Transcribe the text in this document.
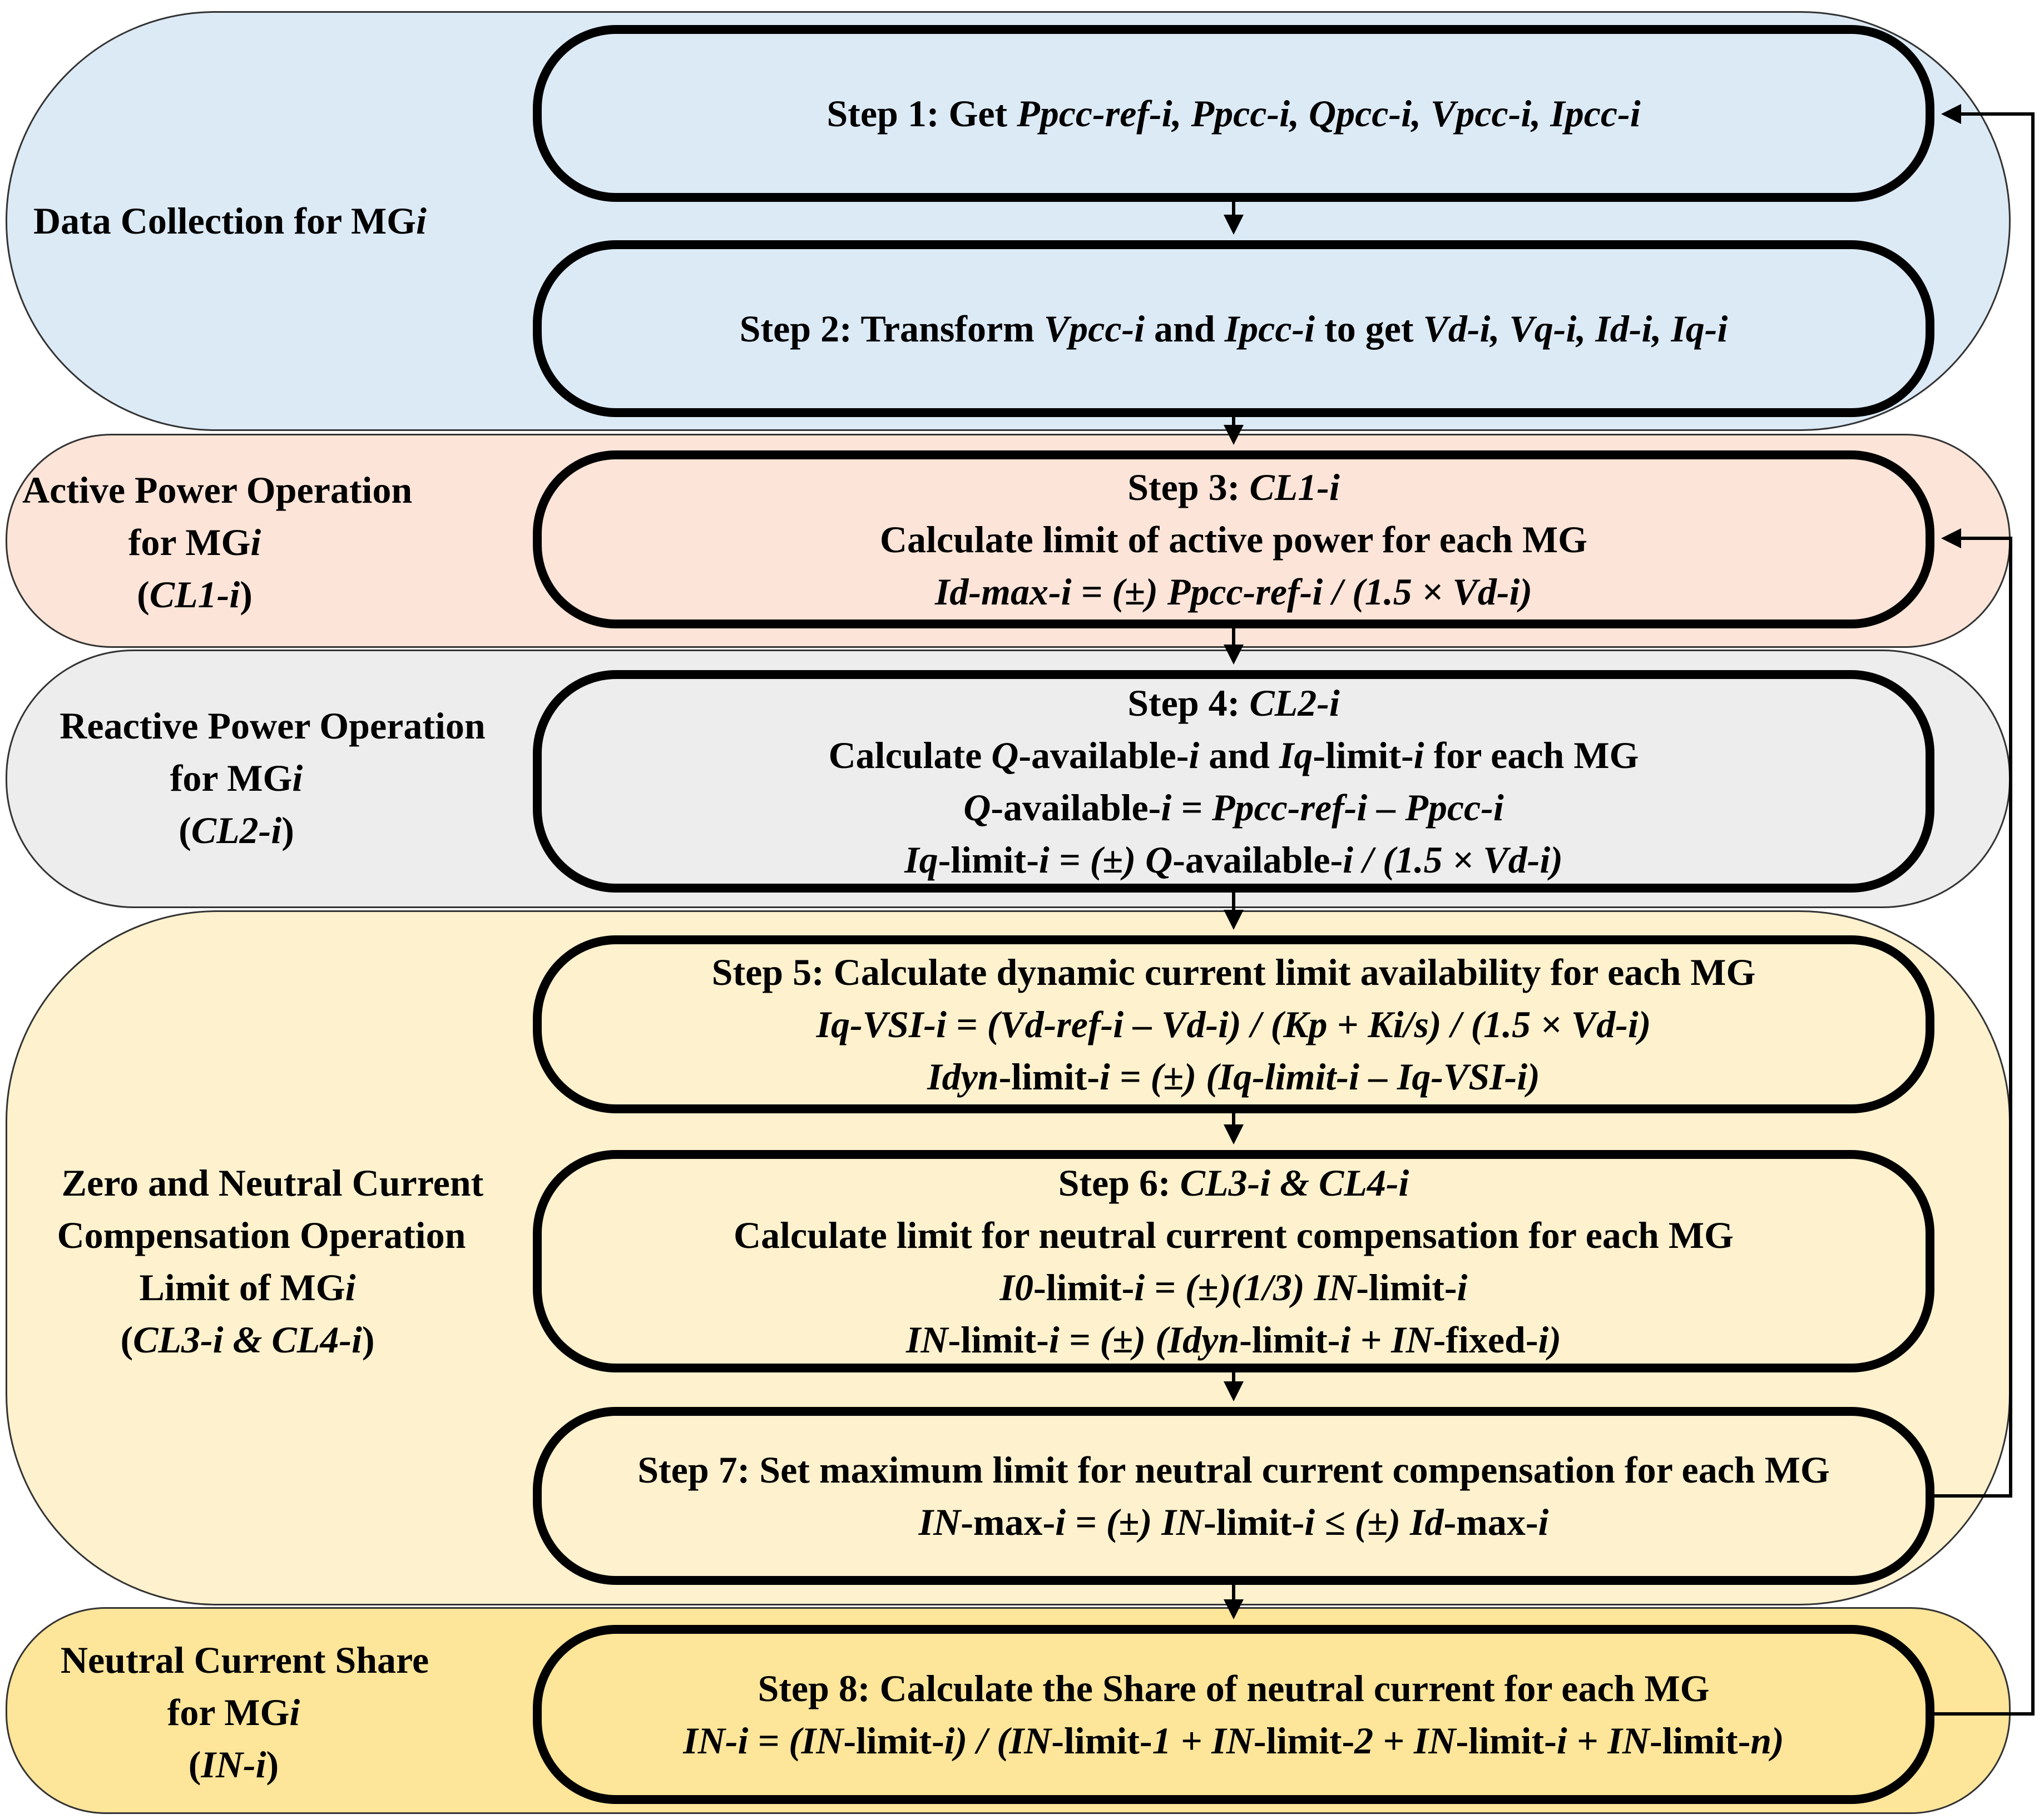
Data Collection for MGi
Active Power Operation
for MGi
(CL1-i)
Reactive Power Operation
for MGi
(CL2-i)
Zero and Neutral Current
Compensation Operation
Limit of MGi
(CL3-i & CL4-i)
Neutral Current Share
for MGi
(IN-i)
Step 1: Get Ppcc-ref-i, Ppcc-i, Qpcc-i, Vpcc-i, Ipcc-i
Step 2: Transform Vpcc-i and Ipcc-i to get Vd-i, Vq-i, Id-i, Iq-i
Step 3: CL1-i
Calculate limit of active power for each MG
Id-max-i = (±) Ppcc-ref-i / (1.5 × Vd-i)
Step 4: CL2-i
Calculate Q-available-i and Iq-limit-i for each MG
Q-available-i = Ppcc-ref-i – Ppcc-i
Iq-limit-i = (±) Q-available-i / (1.5 × Vd-i)
Step 5: Calculate dynamic current limit availability for each MG
Iq-VSI-i = (Vd-ref-i – Vd-i) / (Kp + Ki/s) / (1.5 × Vd-i)
Idyn-limit-i = (±) (Iq-limit-i – Iq-VSI-i)
Step 6: CL3-i & CL4-i
Calculate limit for neutral current compensation for each MG
I0-limit-i = (±)(1/3) IN-limit-i
IN-limit-i = (±) (Idyn-limit-i + IN-fixed-i)
Step 7: Set maximum limit for neutral current compensation for each MG
IN-max-i = (±) IN-limit-i ≤ (±) Id-max-i
Step 8: Calculate the Share of neutral current for each MG
IN-i = (IN-limit-i) / (IN-limit-1 + IN-limit-2 + IN-limit-i + IN-limit-n)
